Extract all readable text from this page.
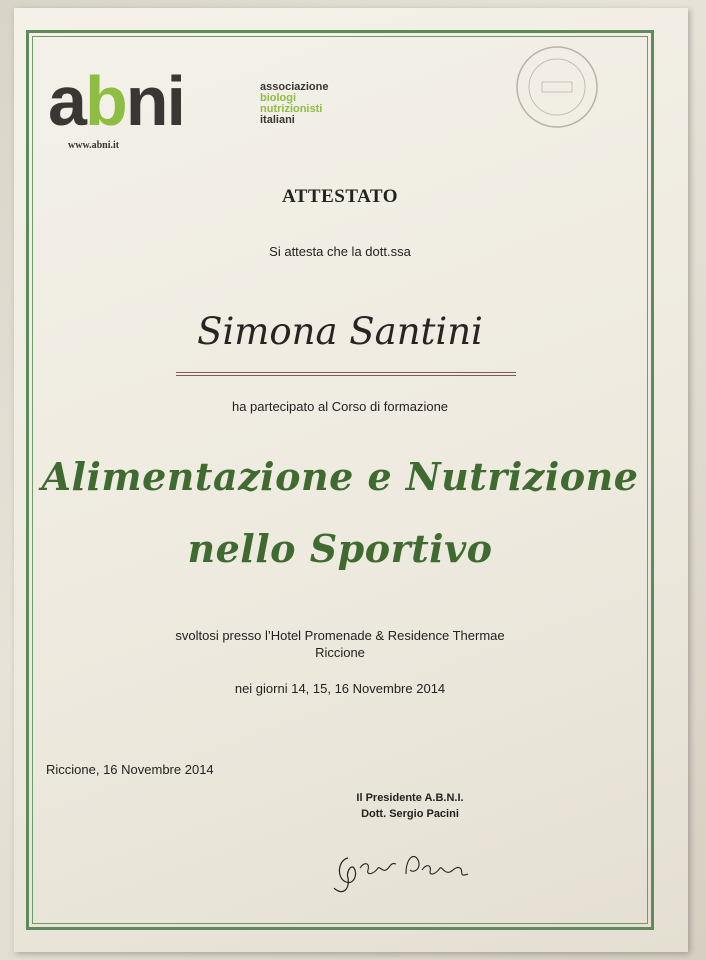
abni	associazione
biologi
nutrizionisti
italiani
www.abni.it
ATTESTATO
Si attesta che la dott.ssa
Simona Santini
ha partecipato al Corso di formazione
Alimentazione e Nutrizione
nello Sportivo
svoltosi presso l’Hotel Promenade & Residence Thermae
Riccione
nei giorni 14, 15, 16 Novembre 2014
Riccione, 16 Novembre 2014
Il Presidente A.B.N.I.
Dott. Sergio Pacini
